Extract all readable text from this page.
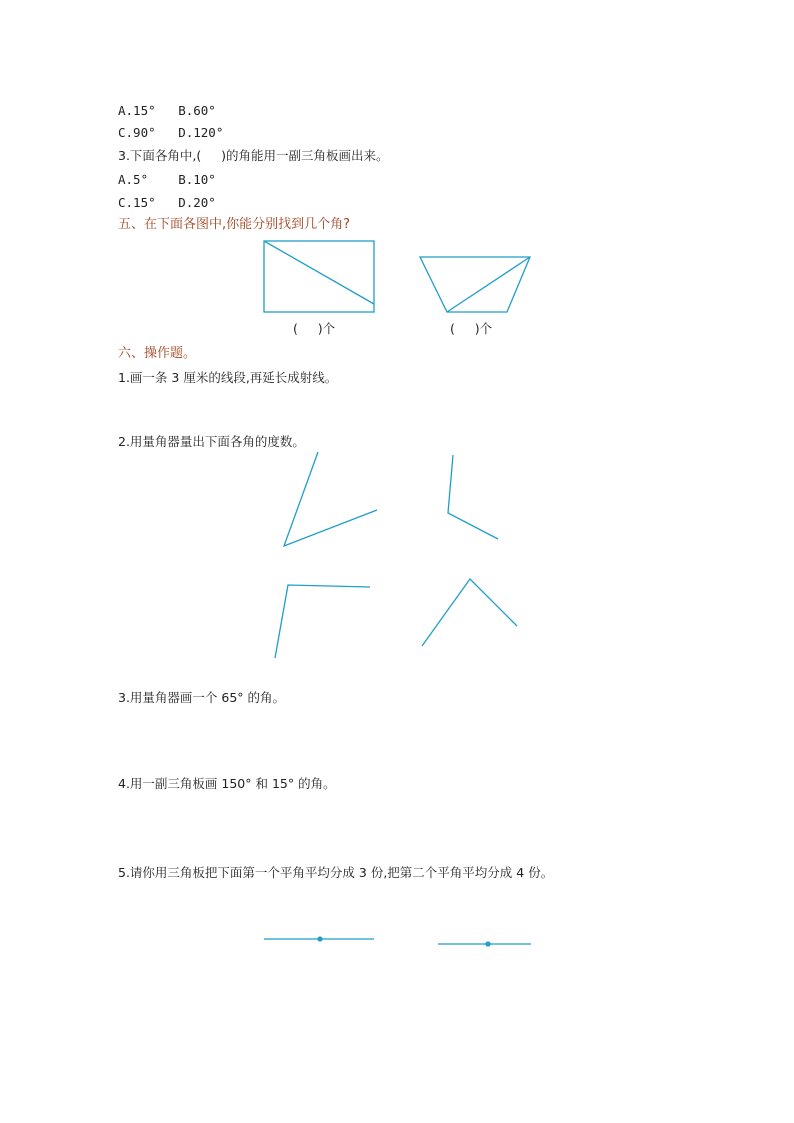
A.15°   B.60°
C.90°   D.120°
3.下面各角中,(     )的角能用一副三角板画出来。
A.5°    B.10°
C.15°   D.20°
五、在下面各图中,你能分别找到几个角?
(     )个	(     )个
六、操作题。
1.画一条 3 厘米的线段,再延长成射线。
2.用量角器量出下面各角的度数。
3.用量角器画一个 65° 的角。
4.用一副三角板画 150° 和 15° 的角。
5.请你用三角板把下面第一个平角平均分成 3 份,把第二个平角平均分成 4 份。
